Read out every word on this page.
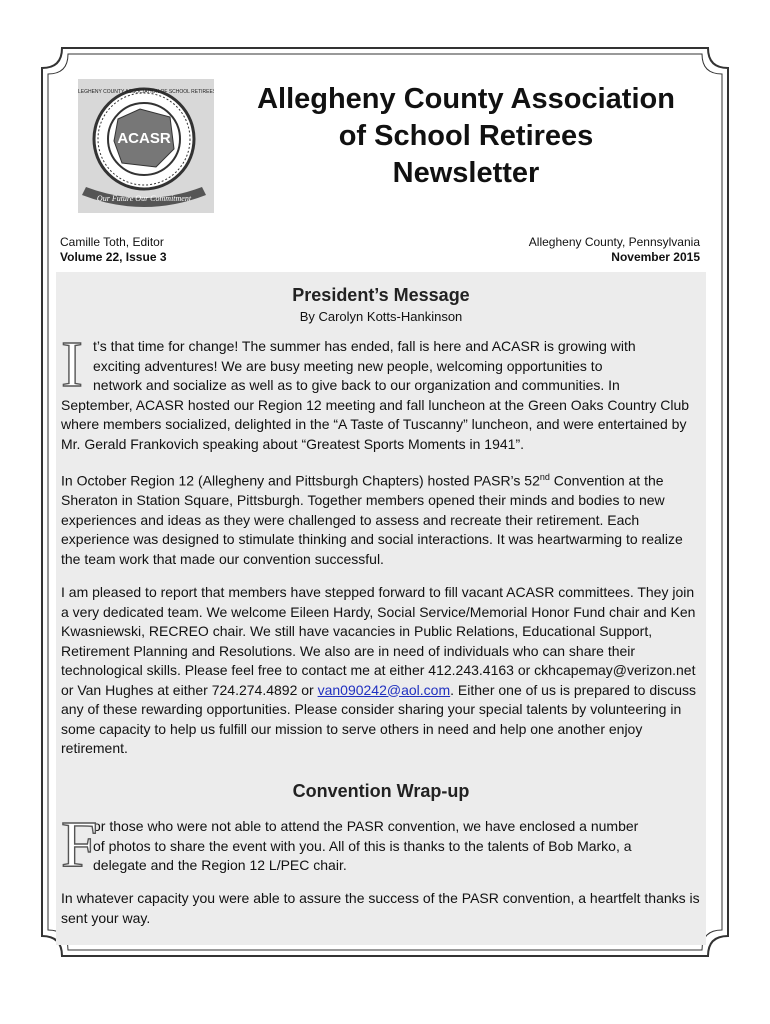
ACASR
Our Future Our Commitment
ALLEGHENY COUNTY ASSOCIATION OF SCHOOL RETIREES	Allegheny County Association
of School Retirees
Newsletter
Camille Toth, Editor	Allegheny County, Pennsylvania
Volume 22, Issue 3	November 2015
President’s Message
By Carolyn Kotts-Hankinson
I t’s that time for change! The summer has ended, fall is here and ACASR is growing with
exciting adventures! We are busy meeting new people, welcoming opportunities to
network and socialize as well as to give back to our organization and communities. In
September, ACASR hosted our Region 12 meeting and fall luncheon at the Green Oaks Country Club where members socialized, delighted in the “A Taste of Tuscanny” luncheon, and were entertained by Mr. Gerald Frankovich speaking about “Greatest Sports Moments in 1941”.
In October Region 12 (Allegheny and Pittsburgh Chapters) hosted PASR’s 52nd Convention at the Sheraton in Station Square, Pittsburgh. Together members opened their minds and bodies to new experiences and ideas as they were challenged to assess and recreate their retirement. Each experience was designed to stimulate thinking and social interactions. It was heartwarming to realize the team work that made our convention successful.
I am pleased to report that members have stepped forward to fill vacant ACASR committees. They join a very dedicated team. We welcome Eileen Hardy, Social Service/Memorial Honor Fund chair and Ken Kwasniewski, RECREO chair. We still have vacancies in Public Relations, Educational Support, Retirement Planning and Resolutions. We also are in need of individuals who can share their technological skills. Please feel free to contact me at either 412.243.4163 or ckhcapemay@verizon.net or Van Hughes at either 724.274.4892 or van090242@aol.com. Either one of us is prepared to discuss any of these rewarding opportunities. Please consider sharing your special talents by volunteering in some capacity to help us fulfill our mission to serve others in need and help one another enjoy retirement.
Convention Wrap-up
F
or those who were not able to attend the PASR convention, we have enclosed a number
of photos to share the event with you. All of this is thanks to the talents of Bob Marko, a
delegate and the Region 12 L/PEC chair.
In whatever capacity you were able to assure the success of the PASR convention, a heartfelt thanks is sent your way.
